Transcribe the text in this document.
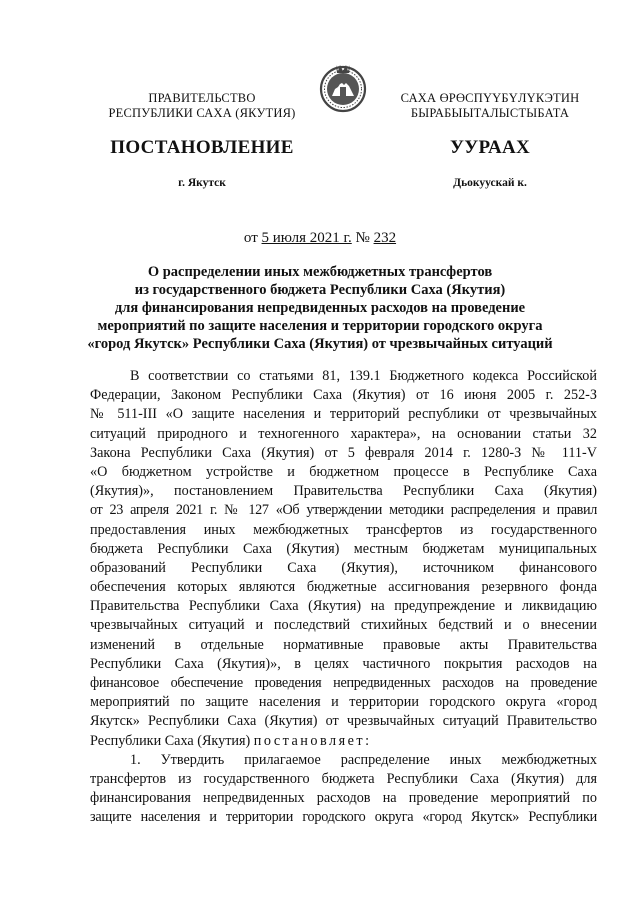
ПРАВИТЕЛЬСТВО
РЕСПУБЛИКИ САХА (ЯКУТИЯ)
САХА ӨРӨСПҮҮБҮЛҮКЭТИН
БЫРАБЫЫТАЛЫСТЫБАТА
ПОСТАНОВЛЕНИЕ	УУРААХ
г. Якутск	Дьокуускай к.
от 5 июля 2021 г. № 232
О распределении иных межбюджетных трансфертов
из государственного бюджета Республики Саха (Якутия)
для финансирования непредвиденных расходов на проведение
мероприятий по защите населения и территории городского округа
«город Якутск» Республики Саха (Якутия) от чрезвычайных ситуаций
В соответствии со статьями 81, 139.1 Бюджетного кодекса Российской
Федерации, Законом Республики Саха (Якутия) от 16 июня 2005 г. 252-З
№ 511-III «О защите населения и территорий республики от чрезвычайных
ситуаций природного и техногенного характера», на основании статьи 32
Закона Республики Саха (Якутия) от 5 февраля 2014 г. 1280-З № 111-V
«О бюджетном устройстве и бюджетном процессе в Республике Саха
(Якутия)», постановлением Правительства Республики Саха (Якутия)
от 23 апреля 2021 г. № 127 «Об утверждении методики распределения и правил
предоставления иных межбюджетных трансфертов из государственного
бюджета Республики Саха (Якутия) местным бюджетам муниципальных
образований Республики Саха (Якутия), источником финансового
обеспечения которых являются бюджетные ассигнования резервного фонда
Правительства Республики Саха (Якутия) на предупреждение и ликвидацию
чрезвычайных ситуаций и последствий стихийных бедствий и о внесении
изменений в отдельные нормативные правовые акты Правительства
Республики Саха (Якутия)», в целях частичного покрытия расходов на
финансовое обеспечение проведения непредвиденных расходов на проведение
мероприятий по защите населения и территории городского округа «город
Якутск» Республики Саха (Якутия) от чрезвычайных ситуаций Правительство
Республики Саха (Якутия) постановляет:
1. Утвердить прилагаемое распределение иных межбюджетных
трансфертов из государственного бюджета Республики Саха (Якутия) для
финансирования непредвиденных расходов на проведение мероприятий по
защите населения и территории городского округа «город Якутск» Республики
